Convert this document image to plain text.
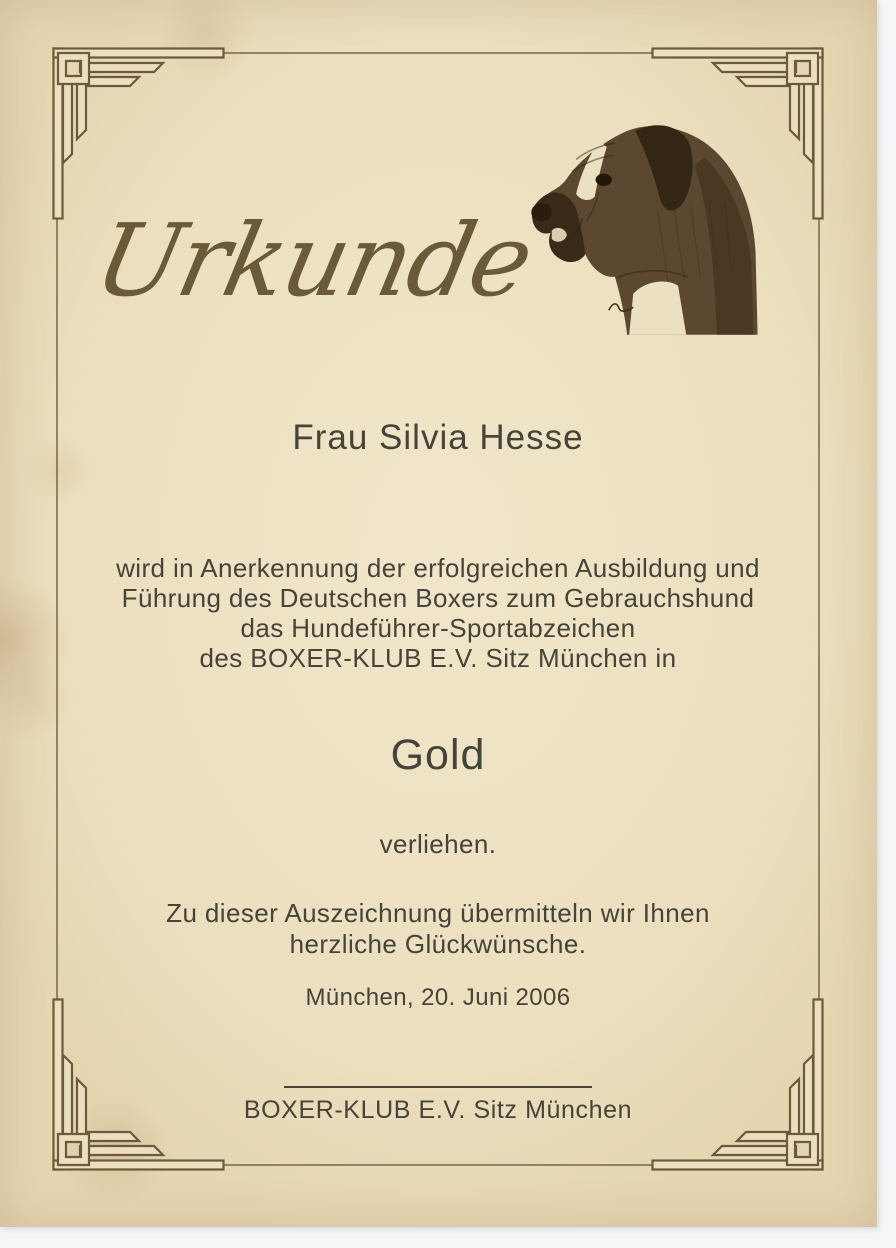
Urkunde
Frau Silvia Hesse
wird in Anerkennung der erfolgreichen Ausbildung und
Führung des Deutschen Boxers zum Gebrauchshund
das Hundeführer-Sportabzeichen
des BOXER-KLUB E.V. Sitz München in
Gold
verliehen.
Zu dieser Auszeichnung übermitteln wir Ihnen
herzliche Glückwünsche.
München, 20. Juni 2006
BOXER-KLUB E.V. Sitz München
